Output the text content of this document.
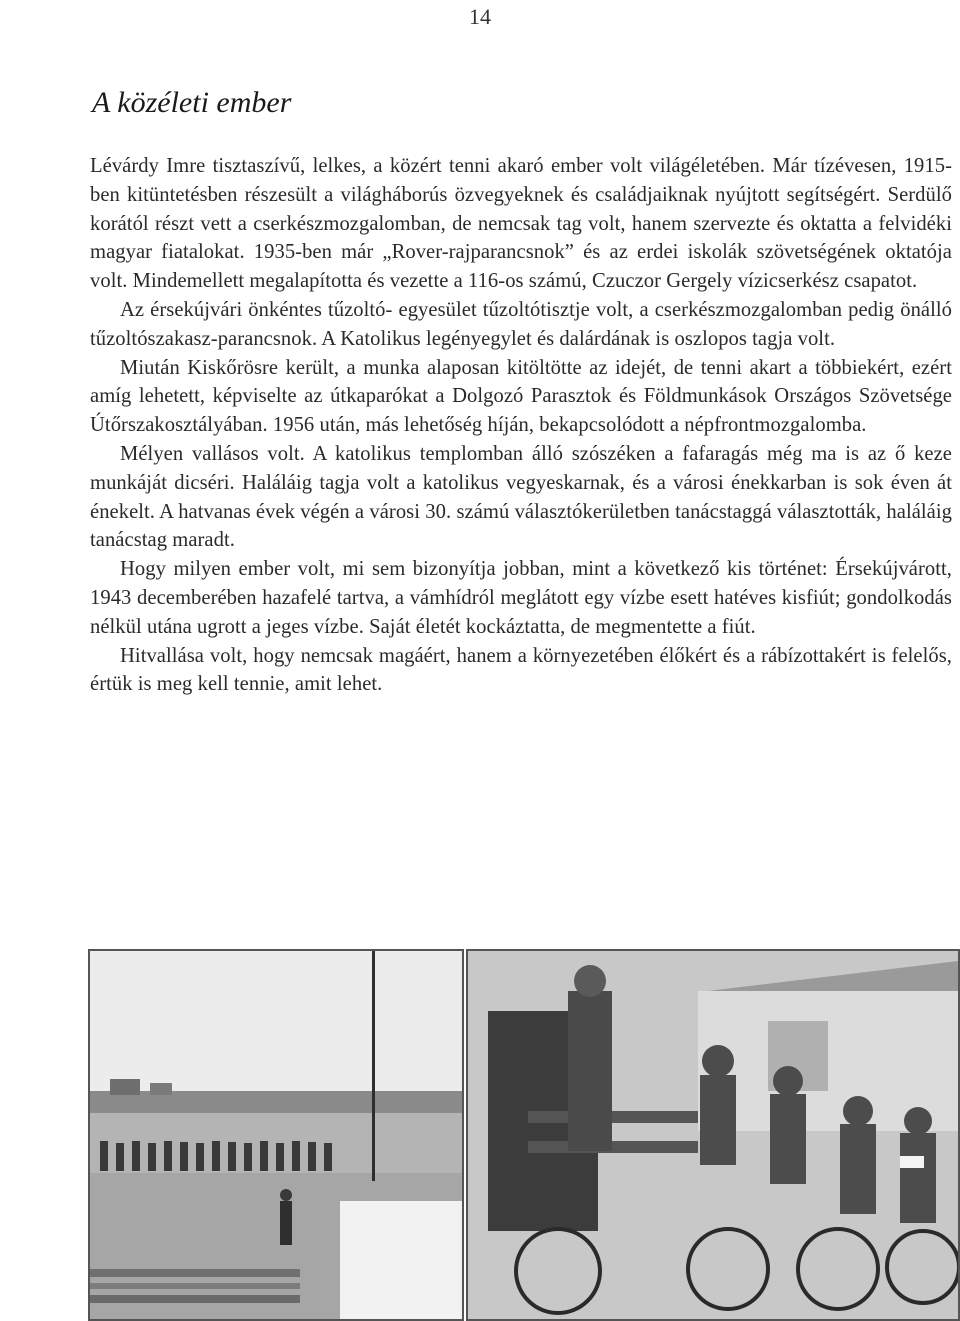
14
A közéleti ember

Lévárdy Imre tisztaszívű, lelkes, a közért tenni akaró ember volt világéletében. Már tízévesen, 1915-ben kitüntetésben részesült a világháborús özvegyeknek és családjaiknak nyújtott segítségért. Serdülő korától részt vett a cserkészmozgalomban, de nemcsak tag volt, hanem szervezte és oktatta a felvidéki magyar fiatalokat. 1935-ben már „Rover-rajparancsnok” és az erdei iskolák szövetségének oktatója volt. Mindemellett megalapította és vezette a 116-os számú, Czuczor Gergely vízicserkész csapatot.

Az érsekújvári önkéntes tűzoltó- egyesület tűzoltótisztje volt, a cserkészmozgalomban pedig önálló tűzoltószakasz-parancsnok. A Katolikus legényegylet és dalárdának is oszlopos tagja volt.

Miután Kiskőrösre került, a munka alaposan kitöltötte az idejét, de tenni akart a többiekért, ezért amíg lehetett, képviselte az útkaparókat a Dolgozó Parasztok és Földmunkások Országos Szövetsége Útőrszakosztályában. 1956 után, más lehetőség híján, bekapcsolódott a népfrontmozgalomba.

Mélyen vallásos volt. A katolikus templomban álló szószéken a fafaragás még ma is az ő keze munkáját dicséri. Haláláig tagja volt a katolikus vegyeskarnak, és a városi énekkarban is sok éven át énekelt. A hatvanas évek végén a városi 30. számú választókerületben tanácstaggá választották, haláláig tanácstag maradt.

Hogy milyen ember volt, mi sem bizonyítja jobban, mint a következő kis történet: Érsekújvárott, 1943 decemberében hazafelé tartva, a vámhídról meglátott egy vízbe esett hatéves kisfiút; gondolkodás nélkül utána ugrott a jeges vízbe. Saját életét kockáztatta, de megmentette a fiút.

Hitvallása volt, hogy nemcsak magáért, hanem a környezetében élőkért és a rábízottakért is felelős, értük is meg kell tennie, amit lehet.
